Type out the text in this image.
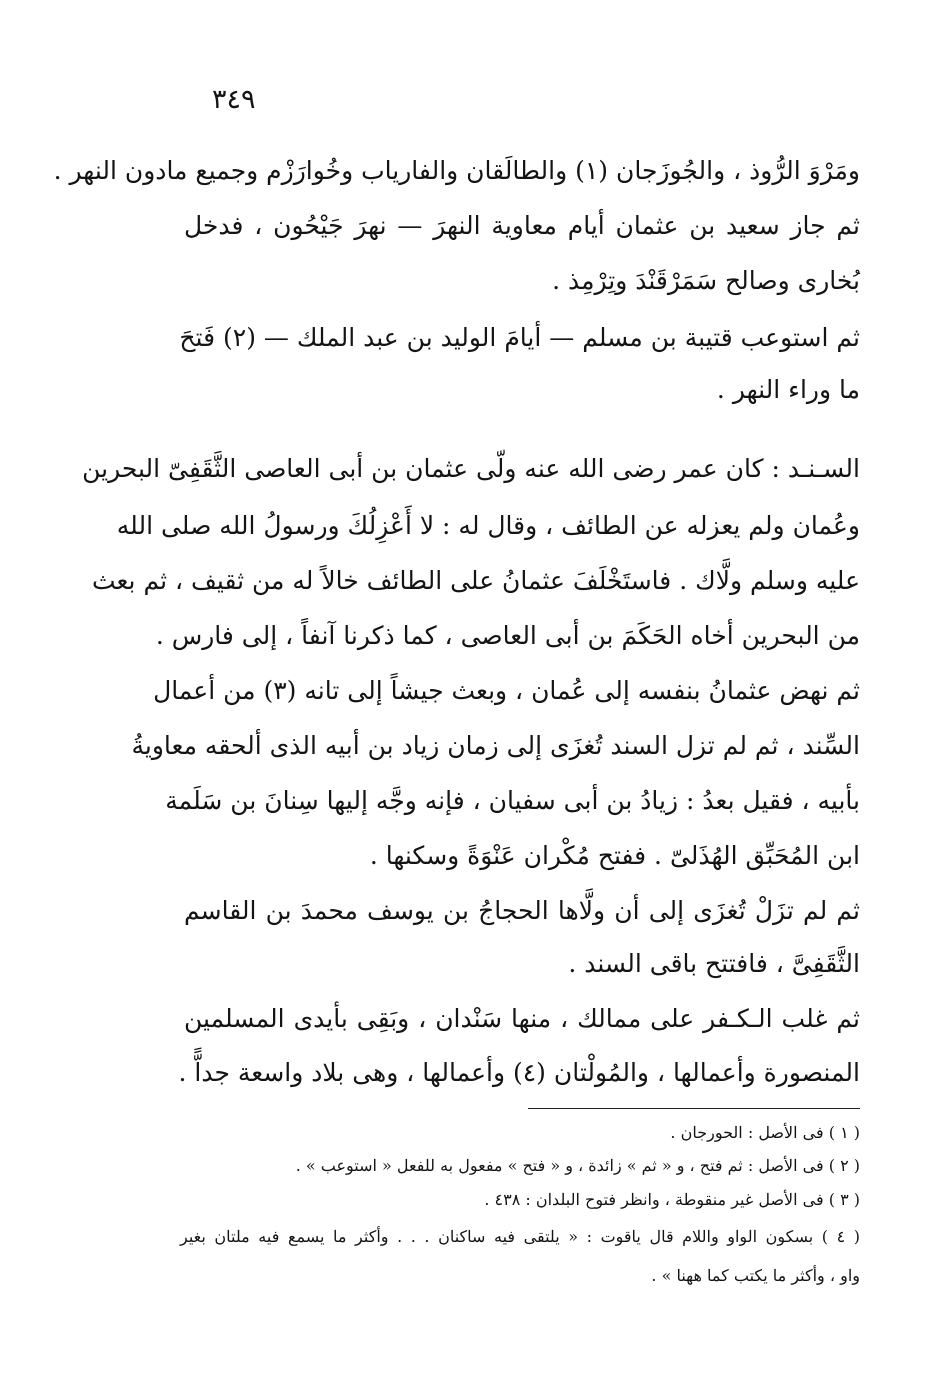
٣٤٩
ومَرْوَ الرُّوذ ، والجُوزَجان (١) والطالَقان والفارياب وخُوارَزْم وجميع مادون النهر .
ثم جاز سعيد بن عثمان أيام معاوية النهرَ — نهرَ جَيْحُون ، فدخل
بُخارى وصالح سَمَرْقَنْدَ وتِرْمِذ .
ثم استوعب قتيبة بن مسلم — أيامَ الوليد بن عبد الملك — (٢) فَتحَ
ما وراء النهر .
السـنـد : كان عمر رضى الله عنه ولّى عثمان بن أبى العاصى الثَّقَفِىّ البحرين
وعُمان ولم يعزله عن الطائف ، وقال له : لا أَعْزِلُكَ ورسولُ الله صلى الله
عليه وسلم ولَّاك . فاستَخْلَفَ عثمانُ على الطائف خالاً له من ثقيف ، ثم بعث
من البحرين أخاه الحَكَمَ بن أبى العاصى ، كما ذكرنا آنفاً ، إلى فارس .
ثم نهض عثمانُ بنفسه إلى عُمان ، وبعث جيشاً إلى تانه (٣) من أعمال
السِّند ، ثم لم تزل السند تُغزَى إلى زمان زياد بن أبيه الذى ألحقه معاويةُ
بأبيه ، فقيل بعدُ : زيادُ بن أبى سفيان ، فإنه وجَّه إليها سِنانَ بن سَلَمة
ابن المُحَبِّق الهُذَلىّ . ففتح مُكْران عَنْوَةً وسكنها .
ثم لم تزَلْ تُغزَى إلى أن ولَّاها الحجاجُ بن يوسف محمدَ بن القاسم
الثَّقَفِىَّ ، فافتتح باقى السند .
ثم غلب الـكـفر على ممالك ، منها سَنْدان ، وبَقِى بأيدى المسلمين
المنصورة وأعمالها ، والمُولْتان (٤) وأعمالها ، وهى بلاد واسعة جداًّ .
( ١ ) فى الأصل : الحورجان .
( ٢ ) فى الأصل : ثم فتح ، و « ثم » زائدة ، و « فتح » مفعول به للفعل « استوعب » .
( ٣ ) فى الأصل غير منقوطة ، وانظر فتوح البلدان : ٤٣٨ .
( ٤ ) بسكون الواو واللام قال ياقوت : « يلتقى فيه ساكنان . . . وأكثر ما يسمع فيه ملتان بغير
واو ، وأكثر ما يكتب كما ههنا » .
